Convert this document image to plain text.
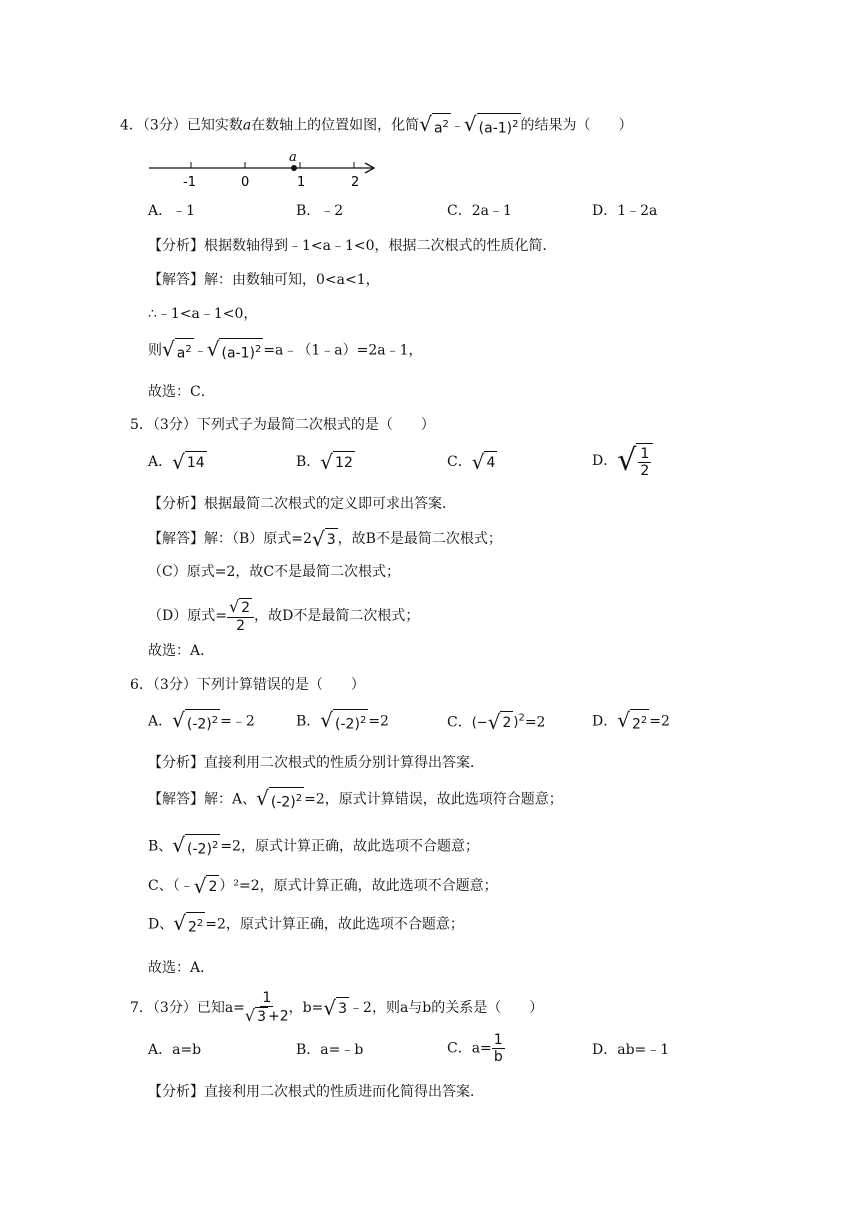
4．（3分）已知实数a在数轴上的位置如图，化简 √ $a^2$ ﹣ √ $(a-1)^2$ 的结果为（　　）
-1	0	1	2
a
A．﹣1	B．﹣2	C．2a﹣1	D．1﹣2a
【分析】根据数轴得到﹣1<a﹣1<0，根据二次根式的性质化简．
【解答】解：由数轴可知，0<a<1，
∴﹣1<a﹣1<0，
则 √ $a^2$ ﹣ √ $(a-1)^2$ =a﹣（1﹣a）=2a﹣1，
故选：C．
5．（3分）下列式子为最简二次根式的是（　　）
A． √ 14	B． √ 12	C． √ 4	D． √ $\frac{1}{2}$
【分析】根据最简二次根式的定义即可求出答案．
【解答】解：（B）原式=2 √ 3 ，故B不是最简二次根式；
（C）原式=2，故C不是最简二次根式；
（D）原式= $\frac{√ 2}{2}$ ，故D不是最简二次根式；
故选：A．
6．（3分）下列计算错误的是（　　）
A． √ $(-2)^2$ =﹣2	B． √ $(-2)^2 =2$	C．(− √ 2 )$^2$=2	D． √ $2^2 =2$
【分析】直接利用二次根式的性质分别计算得出答案．
【解答】解：A、 √ $(-2)^2 =2$，原式计算错误，故此选项符合题意；
B、 √ $(-2)^2 =2$，原式计算正确，故此选项不合题意；
C、（﹣ √ 2 ）²=2，原式计算正确，故此选项不合题意；
D、 √ $2^2 =2$，原式计算正确，故此选项不合题意；
故选：A．
7．（3分）已知$a= \frac{1}{√ 3 +2}$ ，b= √ 3 ﹣2，则a与b的关系是（　　）
A．a=b	B．a=﹣b	C．$a= \frac{1}{b}$	D．ab=﹣1
【分析】直接利用二次根式的性质进而化简得出答案．
